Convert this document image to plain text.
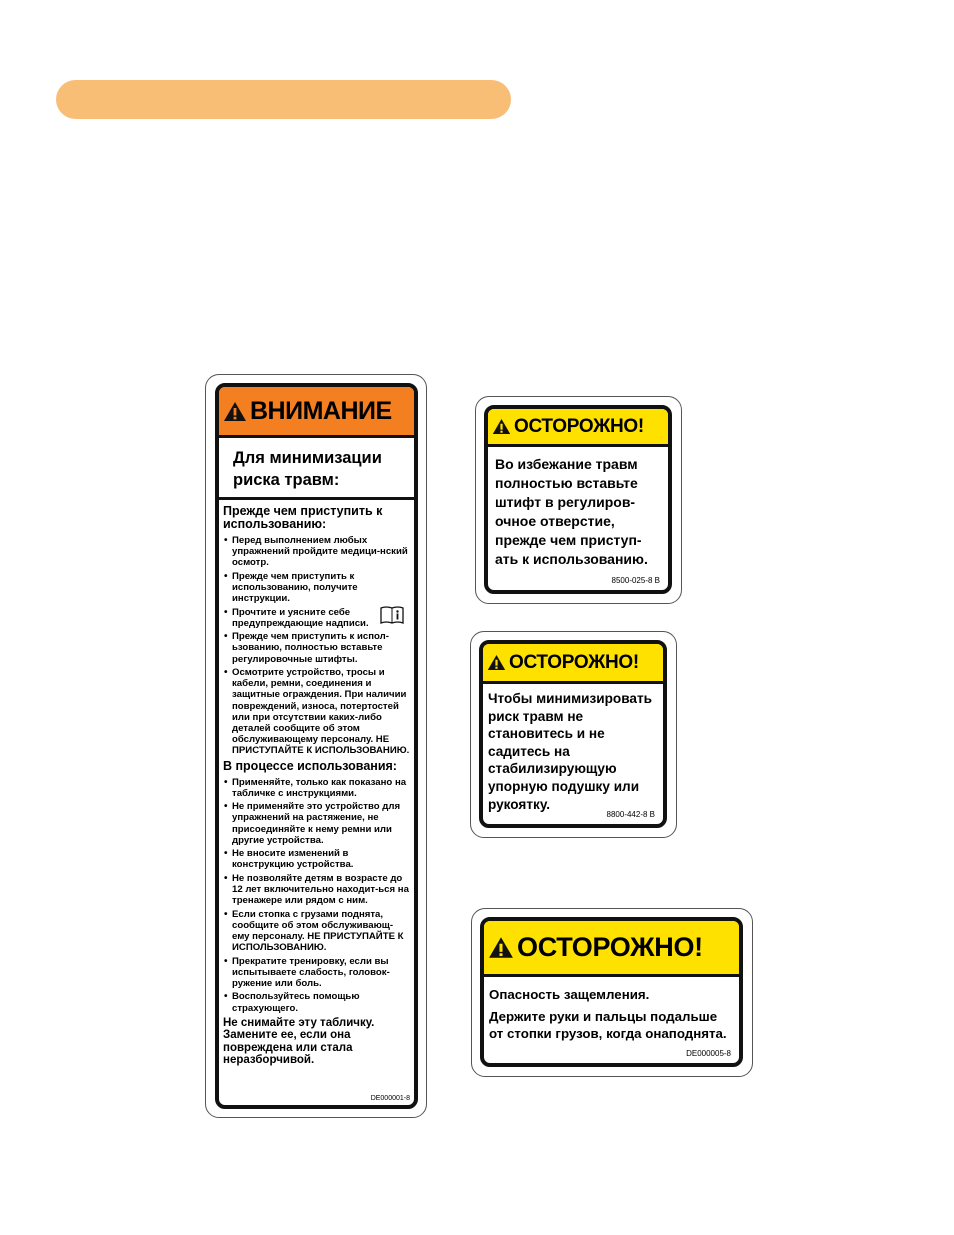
ВНИМАНИЕ
Для минимизации
риска травм:
Прежде чем приступить к использованию:
• Перед выполнением любых упражнений пройдите медици-нский осмотр.
• Прежде чем приступить к использованию, получите инструкции.
• Прочтите и уясните себе предупреждающие надписи.
• Прежде чем приступить к испол-ьзованию, полностью вставьте регулировочные штифты.
• Осмотрите устройство, тросы и кабели, ремни, соединения и защитные ограждения. При наличии повреждений, износа, потертостей или при отсутствии каких-либо деталей сообщите об этом обслуживающему персоналу. НЕ ПРИСТУПАЙТЕ К ИСПОЛЬЗОВАНИЮ.
В процессе использования:
• Применяйте, только как показано на табличке с инструкциями.
• Не применяйте это устройство для упражнений на растяжение, не присоединяйте к нему ремни или другие устройства.
• Не вносите изменений в конструкцию устройства.
• Не позволяйте детям в возрасте до 12 лет включительно находит-ься на тренажере или рядом с ним.
• Если стопка с грузами поднята, сообщите об этом обслуживающ-ему персоналу. НЕ ПРИСТУПАЙТЕ К ИСПОЛЬЗОВАНИЮ.
• Прекратите тренировку, если вы испытываете слабость, головок-ружение или боль.
• Воспользуйтесь помощью страхующего.
Не снимайте эту табличку. Замените ее, если она повреждена или стала неразборчивой.
DE000001-8
ОСТОРОЖНО!
Во избежание травм
полностью вставьте
штифт в регулиров-
очное отверстие,
прежде чем приступ-
ать к использованию.
8500-025-8 B
ОСТОРОЖНО!
Чтобы минимизировать
риск травм не
становитесь и не
садитесь на
стабилизирующую
упорную подушку или
рукоятку.
8800-442-8 B
ОСТОРОЖНО!

Опасность защемления.

Держите руки и пальцы подальше от стопки грузов, когда онаподнята.

DE000005-8
